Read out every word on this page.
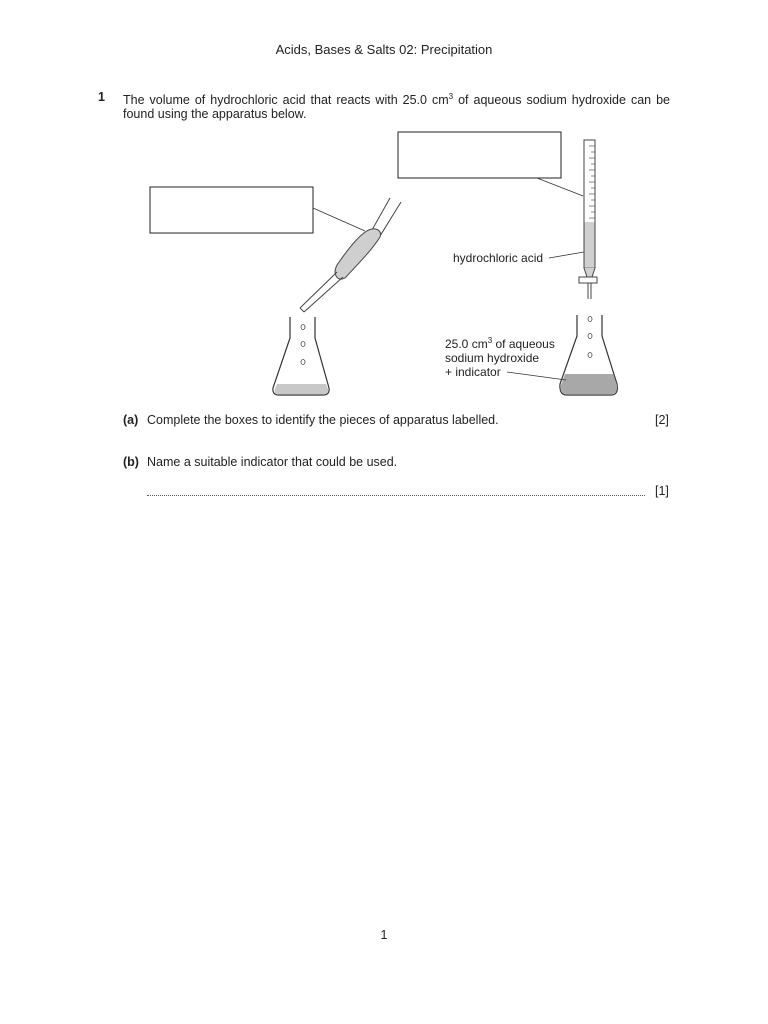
Acids, Bases & Salts 02: Precipitation
1 The volume of hydrochloric acid that reacts with 25.0 $cm^3$ of aqueous sodium hydroxide can be found using the apparatus below.
hydrochloric acid
25.0 $cm^3$ of aqueous
sodium hydroxide
+ indicator
(a) Complete the boxes to identify the pieces of apparatus labelled.	[2]
(b) Name a suitable indicator that could be used.
[1]
1
